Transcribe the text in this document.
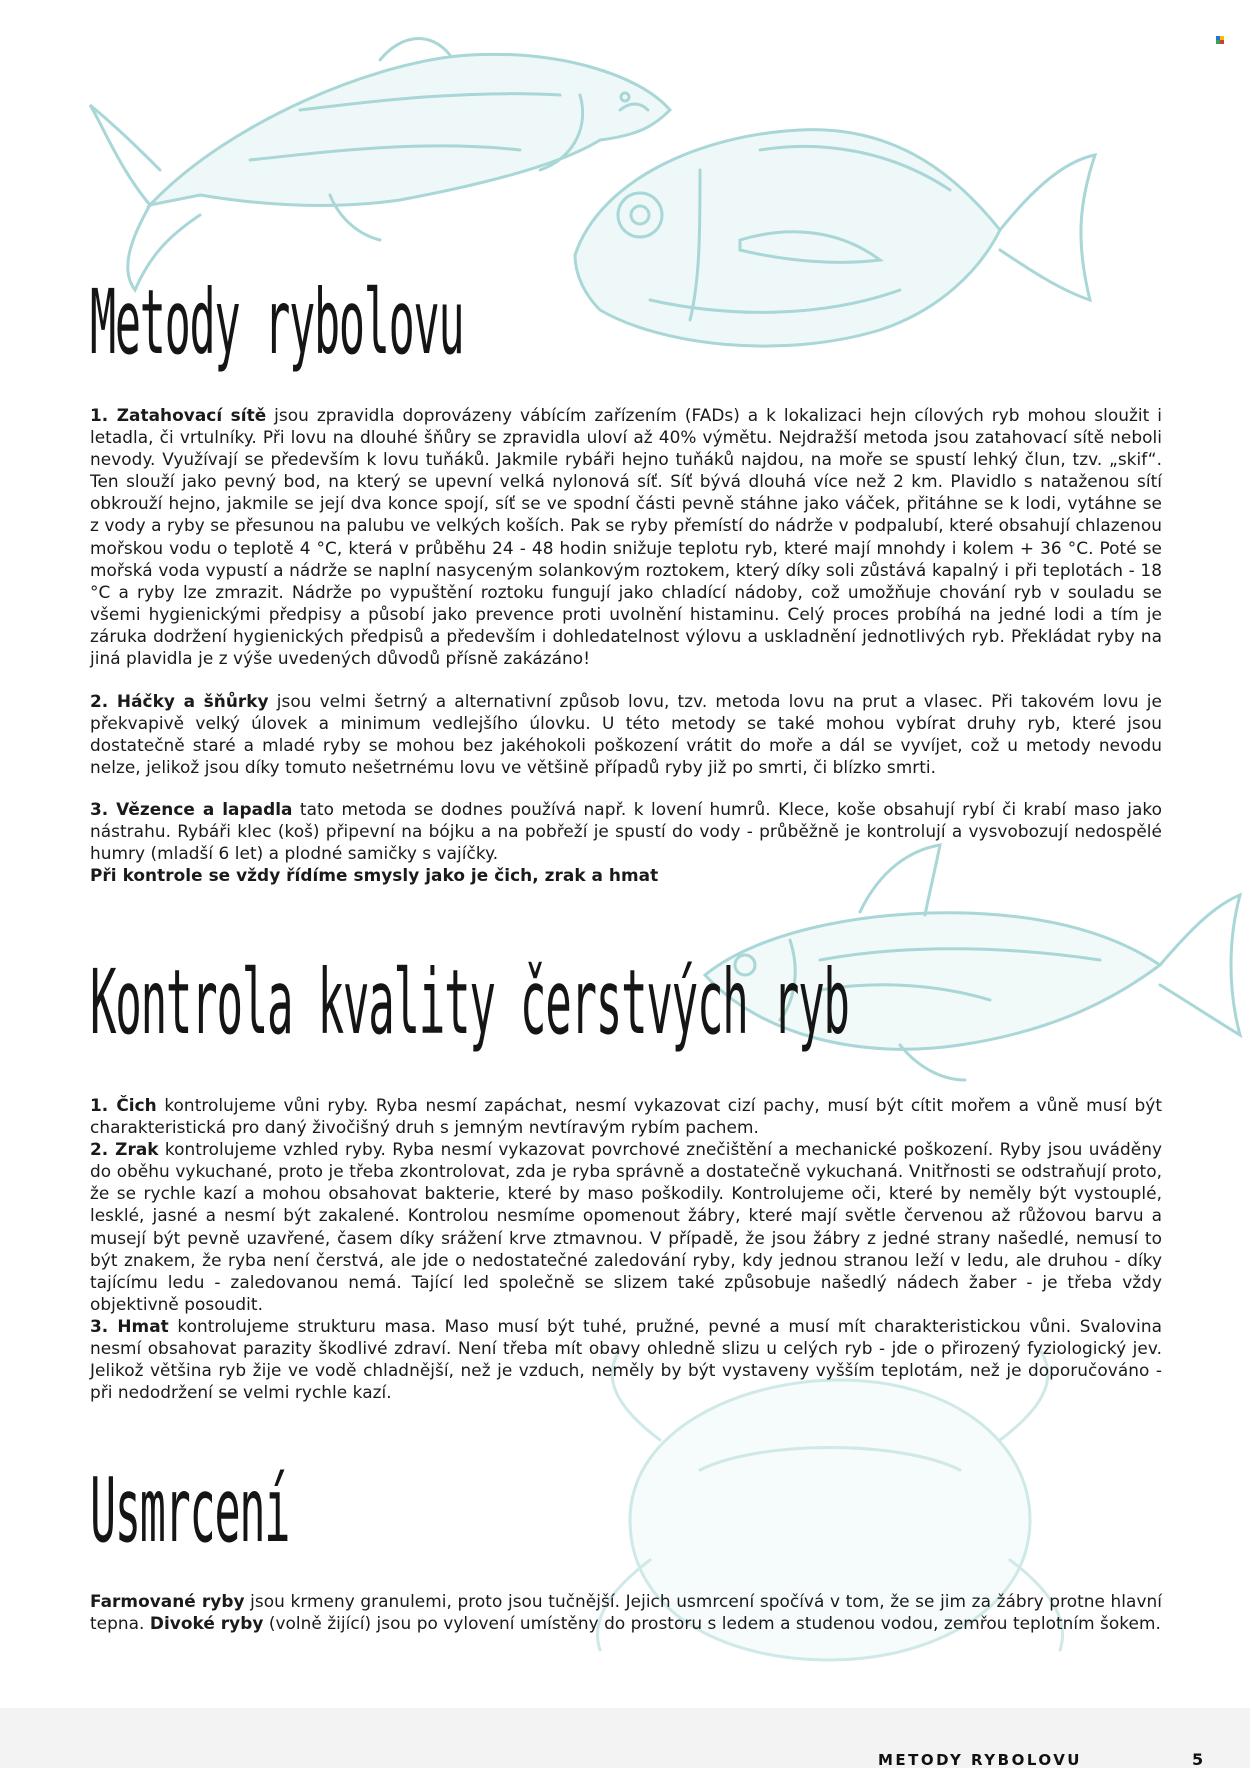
Metody rybolovu

1. Zatahovací sítě jsou zpravidla doprovázeny vábícím zařízením (FADs) a k lokalizaci hejn cílových ryb mohou sloužit i letadla, či vrtulníky. Při lovu na dlouhé šňůry se zpravidla uloví až 40% výmětu. Nejdražší metoda jsou zatahovací sítě neboli nevody. Využívají se především k lovu tuňáků. Jakmile rybáři hejno tuňáků najdou, na moře se spustí lehký člun, tzv. „skif“. Ten slouží jako pevný bod, na který se upevní velká nylonová síť. Síť bývá dlouhá více než 2 km. Plavidlo s nataženou sítí obkrouží hejno, jakmile se její dva konce spojí, síť se ve spodní části pevně stáhne jako váček, přitáhne se k lodi, vytáhne se z vody a ryby se přesunou na palubu ve velkých koších. Pak se ryby přemístí do nádrže v podpalubí, které obsahují chlazenou mořskou vodu o teplotě 4 °C, která v průběhu 24 - 48 hodin snižuje teplotu ryb, které mají mnohdy i kolem + 36 °C. Poté se mořská voda vypustí a nádrže se naplní nasyceným solankovým roztokem, který díky soli zůstává kapalný i při teplotách - 18 °C a ryby lze zmrazit. Nádrže po vypuštění roztoku fungují jako chladící nádoby, což umožňuje chování ryb v souladu se všemi hygienickými předpisy a působí jako prevence proti uvolnění histaminu. Celý proces probíhá na jedné lodi a tím je záruka dodržení hygienických předpisů a především i dohledatelnost výlovu a uskladnění jednotlivých ryb. Překládat ryby na jiná plavidla je z výše uvedených důvodů přísně zakázáno!

2. Háčky a šňůrky jsou velmi šetrný a alternativní způsob lovu, tzv. metoda lovu na prut a vlasec. Při takovém lovu je překvapivě velký úlovek a minimum vedlejšího úlovku. U této metody se také mohou vybírat druhy ryb, které jsou dostatečně staré a mladé ryby se mohou bez jakéhokoli poškození vrátit do moře a dál se vyvíjet, což u metody nevodu nelze, jelikož jsou díky tomuto nešetrnému lovu ve většině případů ryby již po smrti, či blízko smrti.

3. Vězence a lapadla tato metoda se dodnes používá např. k lovení humrů. Klece, koše obsahují rybí či krabí maso jako nástrahu. Rybáři klec (koš) připevní na bójku a na pobřeží je spustí do vody - průběžně je kontrolují a vysvobozují nedospělé humry (mladší 6 let) a plodné samičky s vajíčky.
Při kontrole se vždy řídíme smysly jako je čich, zrak a hmat

Kontrola kvality čerstvých ryb

1. Čich kontrolujeme vůni ryby. Ryba nesmí zapáchat, nesmí vykazovat cizí pachy, musí být cítit mořem a vůně musí být charakteristická pro daný živočišný druh s jemným nevtíravým rybím pachem.
2. Zrak kontrolujeme vzhled ryby. Ryba nesmí vykazovat povrchové znečištění a mechanické poškození. Ryby jsou uváděny do oběhu vykuchané, proto je třeba zkontrolovat, zda je ryba správně a dostatečně vykuchaná. Vnitřnosti se odstraňují proto, že se rychle kazí a mohou obsahovat bakterie, které by maso poškodily. Kontrolujeme oči, které by neměly být vystouplé, lesklé, jasné a nesmí být zakalené. Kontrolou nesmíme opomenout žábry, které mají světle červenou až růžovou barvu a musejí být pevně uzavřené, časem díky srážení krve ztmavnou. V případě, že jsou žábry z jedné strany našedlé, nemusí to být znakem, že ryba není čerstvá, ale jde o nedostatečné zaledování ryby, kdy jednou stranou leží v ledu, ale druhou - díky tajícímu ledu - zaledovanou nemá. Tající led společně se slizem také způsobuje našedlý nádech žaber - je třeba vždy objektivně posoudit.
3. Hmat kontrolujeme strukturu masa. Maso musí být tuhé, pružné, pevné a musí mít charakteristickou vůni. Svalovina nesmí obsahovat parazity škodlivé zdraví. Není třeba mít obavy ohledně slizu u celých ryb - jde o přirozený fyziologický jev. Jelikož většina ryb žije ve vodě chladnější, než je vzduch, neměly by být vystaveny vyšším teplotám, než je doporučováno - při nedodržení se velmi rychle kazí.

Usmrcení

Farmované ryby jsou krmeny granulemi, proto jsou tučnější. Jejich usmrcení spočívá v tom, že se jim za žábry protne hlavní tepna. Divoké ryby (volně žijící) jsou po vylovení umístěny do prostoru s ledem a studenou vodou, zemřou teplotním šokem.

METODY RYBOLOVU	5
